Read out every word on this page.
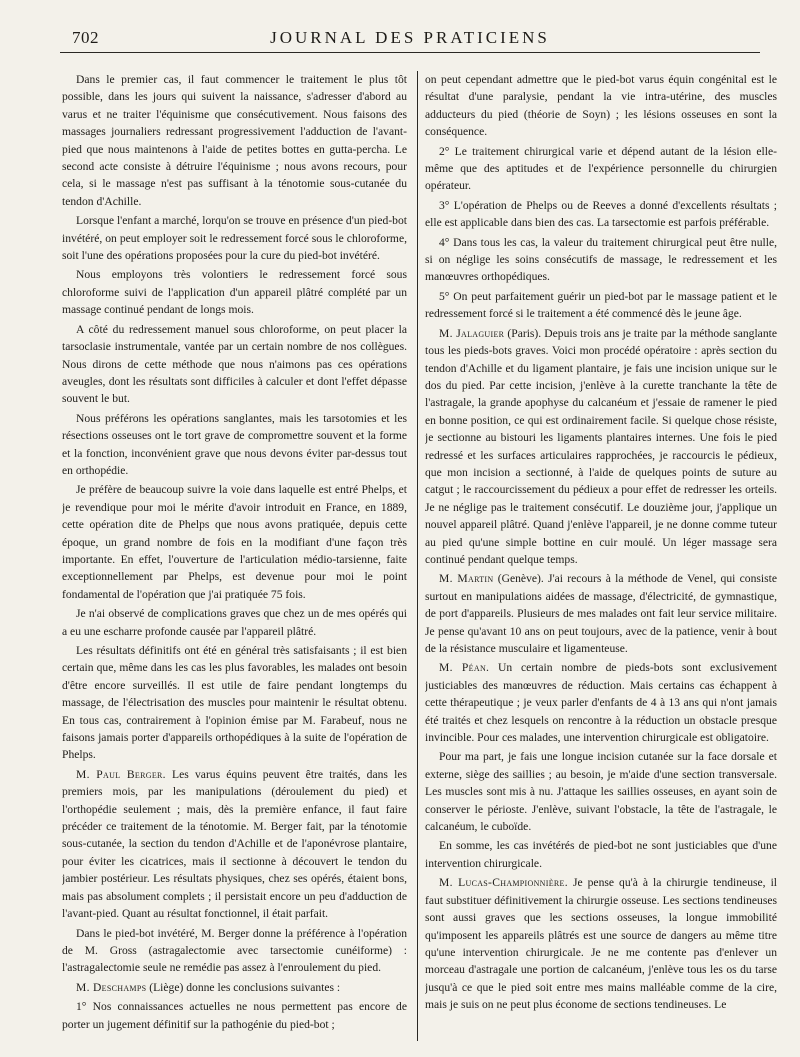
702	JOURNAL DES PRATICIENS

Dans le premier cas, il faut commencer le traitement le plus tôt possible, dans les jours qui suivent la naissance, s'adresser d'abord au varus et ne traiter l'équinisme que consécutivement. Nous faisons des massages journaliers redressant progressivement l'adduction de l'avant-pied que nous maintenons à l'aide de petites bottes en gutta-percha. Le second acte consiste à détruire l'équinisme ; nous avons recours, pour cela, si le massage n'est pas suffisant à la ténotomie sous-cutanée du tendon d'Achille.

Lorsque l'enfant a marché, lorqu'on se trouve en présence d'un pied-bot invétéré, on peut employer soit le redressement forcé sous le chloroforme, soit l'une des opérations proposées pour la cure du pied-bot invétéré.

Nous employons très volontiers le redressement forcé sous chloroforme suivi de l'application d'un appareil plâtré complété par un massage continué pendant de longs mois.

A côté du redressement manuel sous chloroforme, on peut placer la tarsoclasie instrumentale, vantée par un certain nombre de nos collègues. Nous dirons de cette méthode que nous n'aimons pas ces opérations aveugles, dont les résultats sont difficiles à calculer et dont l'effet dépasse souvent le but.

Nous préférons les opérations sanglantes, mais les tarsotomies et les résections osseuses ont le tort grave de compromettre souvent et la forme et la fonction, inconvénient grave que nous devons éviter par-dessus tout en orthopédie.

Je préfère de beaucoup suivre la voie dans laquelle est entré Phelps, et je revendique pour moi le mérite d'avoir introduit en France, en 1889, cette opération dite de Phelps que nous avons pratiquée, depuis cette époque, un grand nombre de fois en la modifiant d'une façon très importante. En effet, l'ouverture de l'articulation médio-tarsienne, faite exceptionnellement par Phelps, est devenue pour moi le point fondamental de l'opération que j'ai pratiquée 75 fois.

Je n'ai observé de complications graves que chez un de mes opérés qui a eu une escharre profonde causée par l'appareil plâtré.

Les résultats définitifs ont été en général très satisfaisants ; il est bien certain que, même dans les cas les plus favorables, les malades ont besoin d'être encore surveillés. Il est utile de faire pendant longtemps du massage, de l'électrisation des muscles pour maintenir le résultat obtenu. En tous cas, contrairement à l'opinion émise par M. Farabeuf, nous ne faisons jamais porter d'appareils orthopédiques à la suite de l'opération de Phelps.

M. Paul Berger. Les varus équins peuvent être traités, dans les premiers mois, par les manipulations (déroulement du pied) et l'orthopédie seulement ; mais, dès la première enfance, il faut faire précéder ce traitement de la ténotomie. M. Berger fait, par la ténotomie sous-cutanée, la section du tendon d'Achille et de l'aponévrose plantaire, pour éviter les cicatrices, mais il sectionne à découvert le tendon du jambier postérieur. Les résultats physiques, chez ses opérés, étaient bons, mais pas absolument complets ; il persistait encore un peu d'adduction de l'avant-pied. Quant au résultat fonctionnel, il était parfait.

Dans le pied-bot invétéré, M. Berger donne la préférence à l'opération de M. Gross (astragalectomie avec tarsectomie cunéiforme) : l'astragalectomie seule ne remédie pas assez à l'enroulement du pied.

M. Deschamps (Liège) donne les conclusions suivantes :

1° Nos connaissances actuelles ne nous permettent pas encore de porter un jugement définitif sur la pathogénie du pied-bot ;

on peut cependant admettre que le pied-bot varus équin congénital est le résultat d'une paralysie, pendant la vie intra-utérine, des muscles adducteurs du pied (théorie de Soyn) ; les lésions osseuses en sont la conséquence.

2° Le traitement chirurgical varie et dépend autant de la lésion elle-même que des aptitudes et de l'expérience personnelle du chirurgien opérateur.

3° L'opération de Phelps ou de Reeves a donné d'excellents résultats ; elle est applicable dans bien des cas. La tarsectomie est parfois préférable.

4° Dans tous les cas, la valeur du traitement chirurgical peut être nulle, si on néglige les soins consécutifs de massage, le redressement et les manœuvres orthopédiques.

5° On peut parfaitement guérir un pied-bot par le massage patient et le redressement forcé si le traitement a été commencé dès le jeune âge.

M. Jalaguier (Paris). Depuis trois ans je traite par la méthode sanglante tous les pieds-bots graves. Voici mon procédé opératoire : après section du tendon d'Achille et du ligament plantaire, je fais une incision unique sur le dos du pied. Par cette incision, j'enlève à la curette tranchante la tête de l'astragale, la grande apophyse du calcanéum et j'essaie de ramener le pied en bonne position, ce qui est ordinairement facile. Si quelque chose résiste, je sectionne au bistouri les ligaments plantaires internes. Une fois le pied redressé et les surfaces articulaires rapprochées, je raccourcis le pédieux, que mon incision a sectionné, à l'aide de quelques points de suture au catgut ; le raccourcissement du pédieux a pour effet de redresser les orteils. Je ne néglige pas le traitement consécutif. Le douzième jour, j'applique un nouvel appareil plâtré. Quand j'enlève l'appareil, je ne donne comme tuteur au pied qu'une simple bottine en cuir moulé. Un léger massage sera continué pendant quelque temps.

M. Martin (Genève). J'ai recours à la méthode de Venel, qui consiste surtout en manipulations aidées de massage, d'électricité, de gymnastique, de port d'appareils. Plusieurs de mes malades ont fait leur service militaire. Je pense qu'avant 10 ans on peut toujours, avec de la patience, venir à bout de la résistance musculaire et ligamenteuse.

M. Péan. Un certain nombre de pieds-bots sont exclusivement justiciables des manœuvres de réduction. Mais certains cas échappent à cette thérapeutique ; je veux parler d'enfants de 4 à 13 ans qui n'ont jamais été traités et chez lesquels on rencontre à la réduction un obstacle presque invincible. Pour ces malades, une intervention chirurgicale est obligatoire.

Pour ma part, je fais une longue incision cutanée sur la face dorsale et externe, siège des saillies ; au besoin, je m'aide d'une section transversale. Les muscles sont mis à nu. J'attaque les saillies osseuses, en ayant soin de conserver le périoste. J'enlève, suivant l'obstacle, la tête de l'astragale, le calcanéum, le cuboïde.

En somme, les cas invétérés de pied-bot ne sont justiciables que d'une intervention chirurgicale.

M. Lucas-Championnière. Je pense qu'à à la chirurgie tendineuse, il faut substituer définitivement la chirurgie osseuse. Les sections tendineuses sont aussi graves que les sections osseuses, la longue immobilité qu'imposent les appareils plâtrés est une source de dangers au même titre qu'une intervention chirurgicale. Je ne me contente pas d'enlever un morceau d'astragale une portion de calcanéum, j'enlève tous les os du tarse jusqu'à ce que le pied soit entre mes mains malléable comme de la cire, mais je suis on ne peut plus économe de sections tendineuses. Le
